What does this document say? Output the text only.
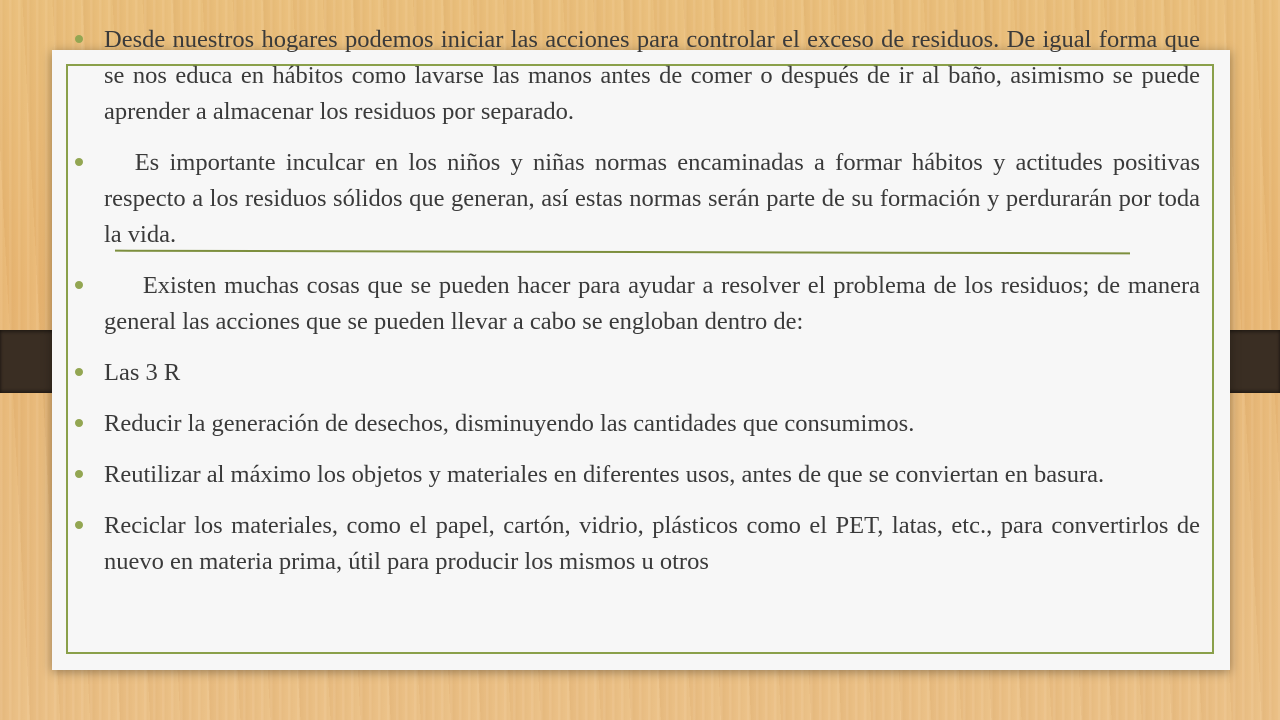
Desde nuestros hogares podemos iniciar las acciones para controlar el exceso de residuos. De igual forma que se nos educa en hábitos como lavarse las manos antes de comer o después de ir al baño, asimismo se puede aprender a almacenar los residuos por separado.
Es importante inculcar en los niños y niñas normas encaminadas a formar hábitos y actitudes positivas respecto a los residuos sólidos que generan, así estas normas serán parte de su formación y perdurarán por toda la vida.
Existen muchas cosas que se pueden hacer para ayudar a resolver el problema de los residuos; de manera general las acciones que se pueden llevar a cabo se engloban dentro de:
Las 3 R
Reducir la generación de desechos, disminuyendo las cantidades que consumimos.
Reutilizar al máximo los objetos y materiales en diferentes usos, antes de que se conviertan en basura.
Reciclar los materiales, como el papel, cartón, vidrio, plásticos como el PET, latas, etc., para convertirlos de nuevo en materia prima, útil para producir los mismos u otros
